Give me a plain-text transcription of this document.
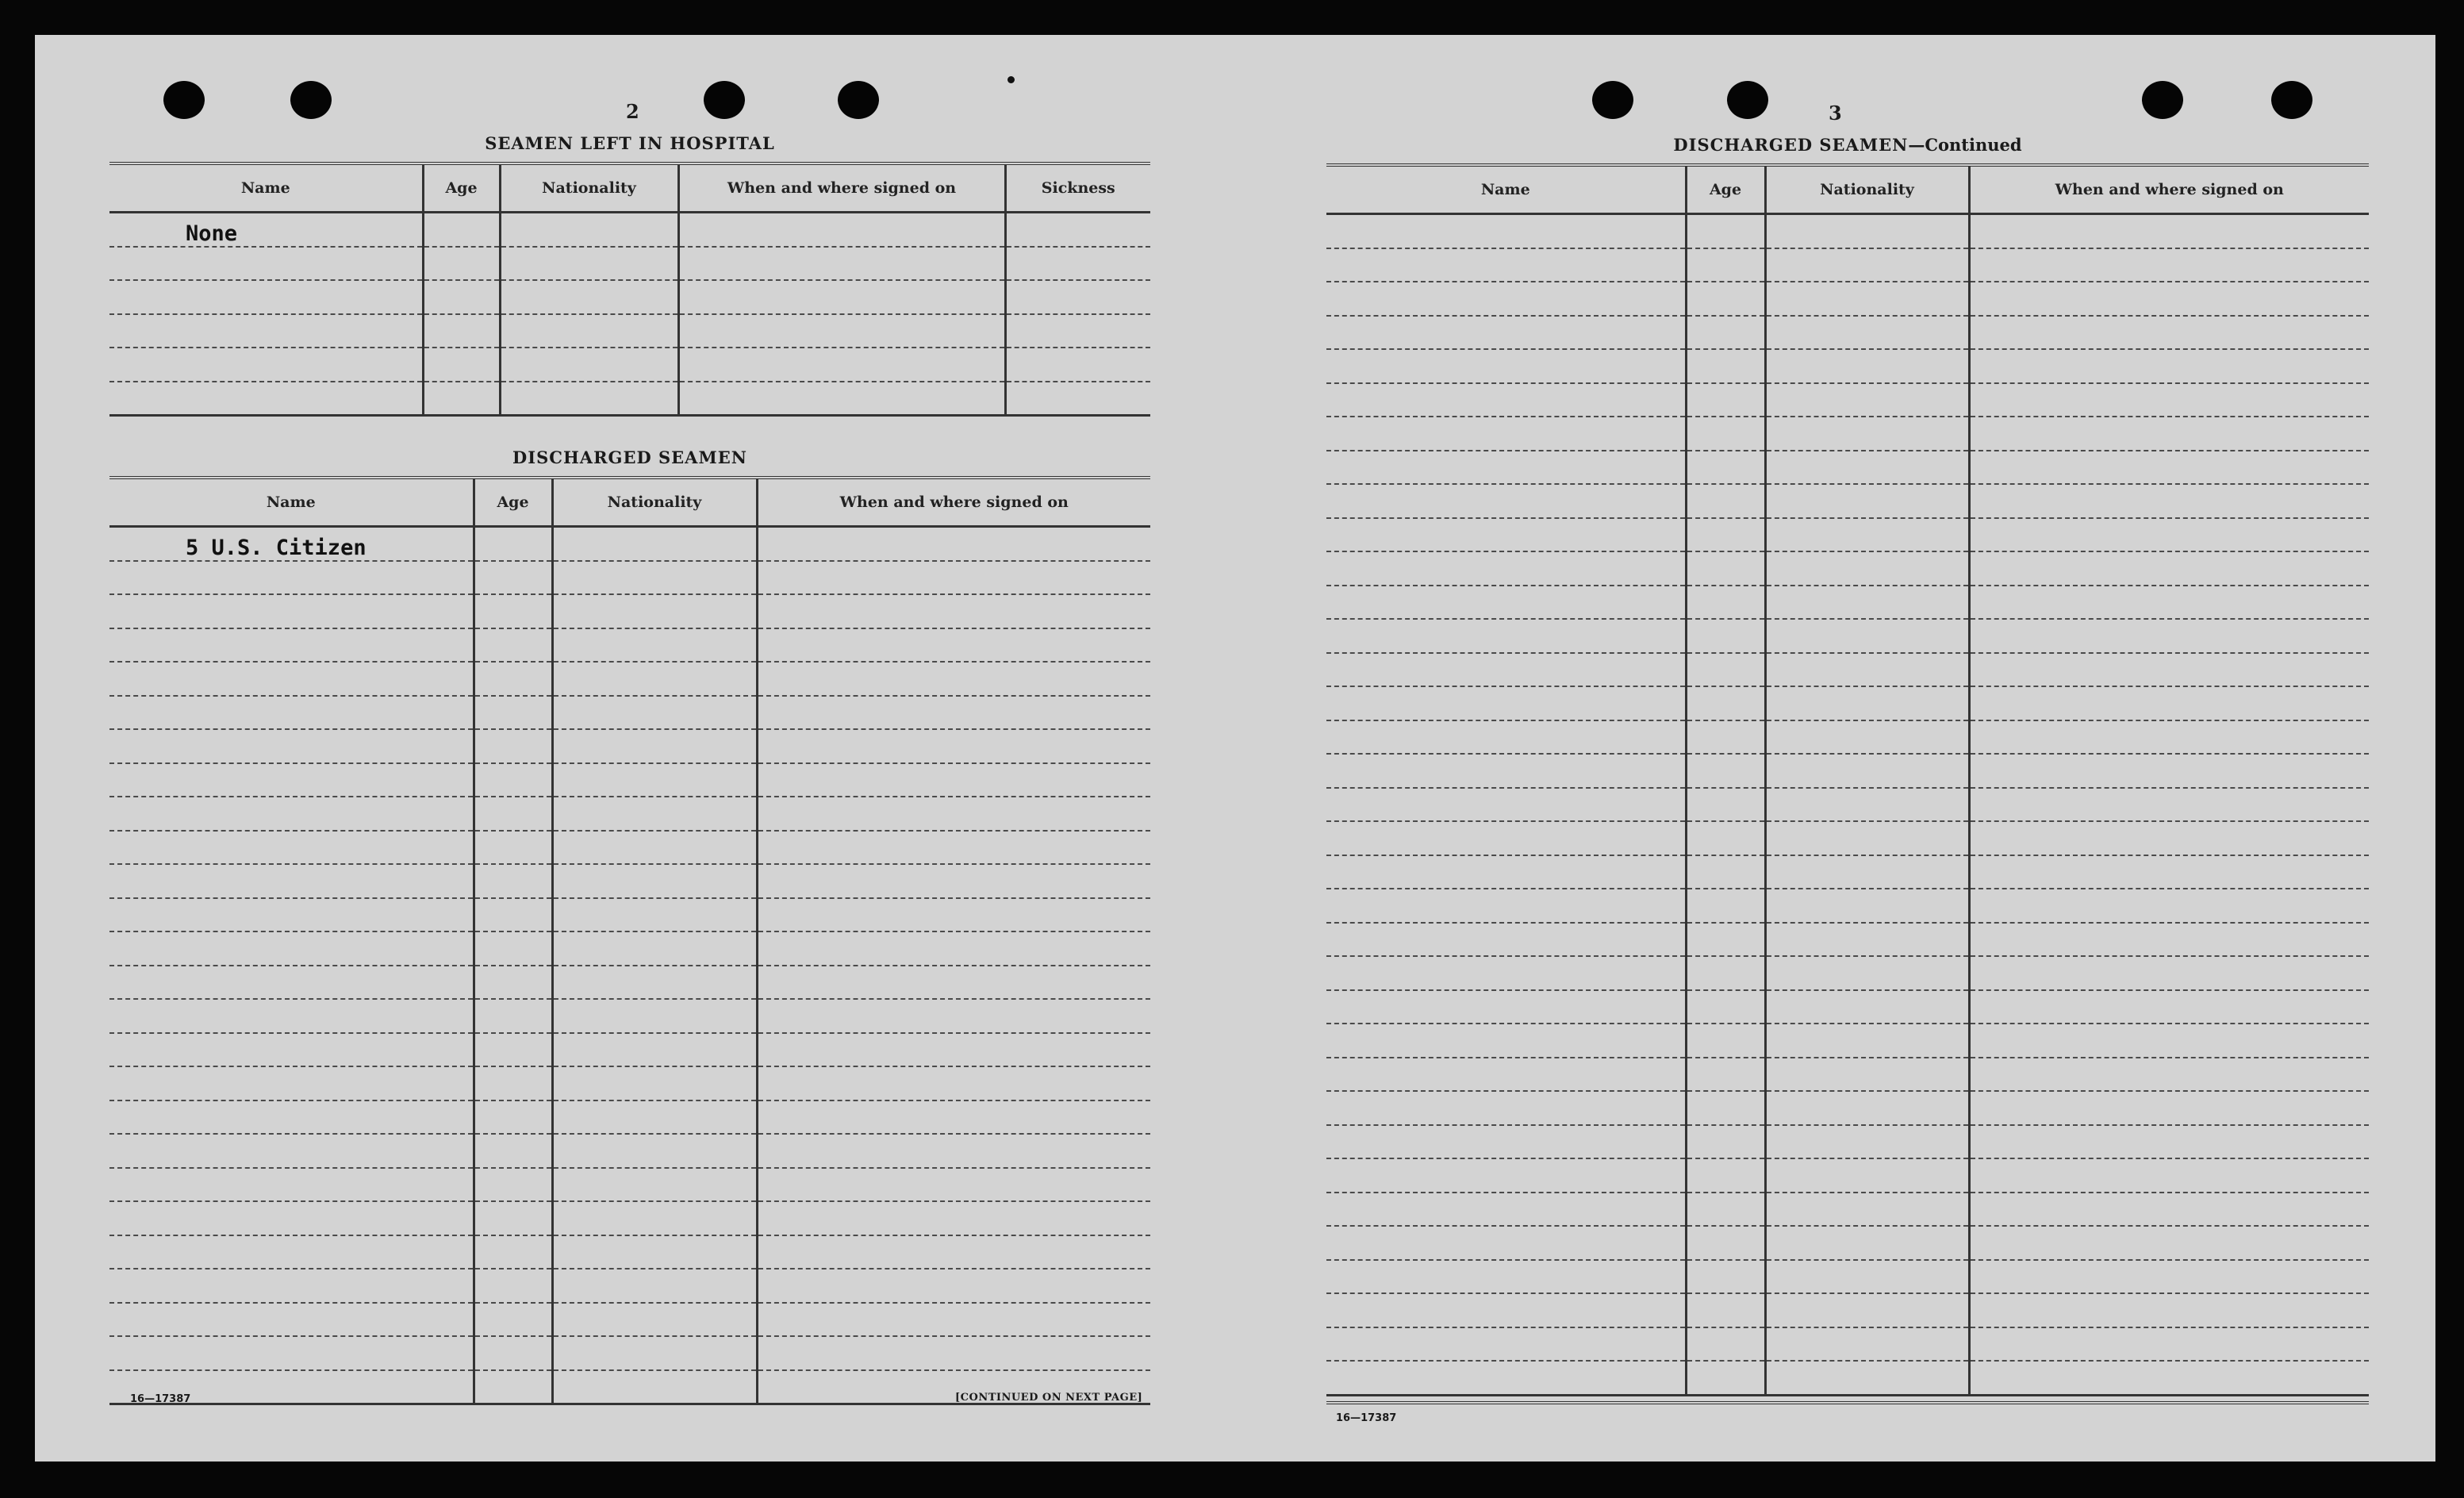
2
SEAMEN LEFT IN HOSPITAL
Name	Age	Nationality	When and where signed on	Sickness
None				

DISCHARGED SEAMEN
Name	Age	Nationality	When and where signed on
5 U.S. Citizen			

16—17387	[CONTINUED ON NEXT PAGE]
3
DISCHARGED SEAMEN—Continued
Name	Age	Nationality	When and where signed on

16—17387
